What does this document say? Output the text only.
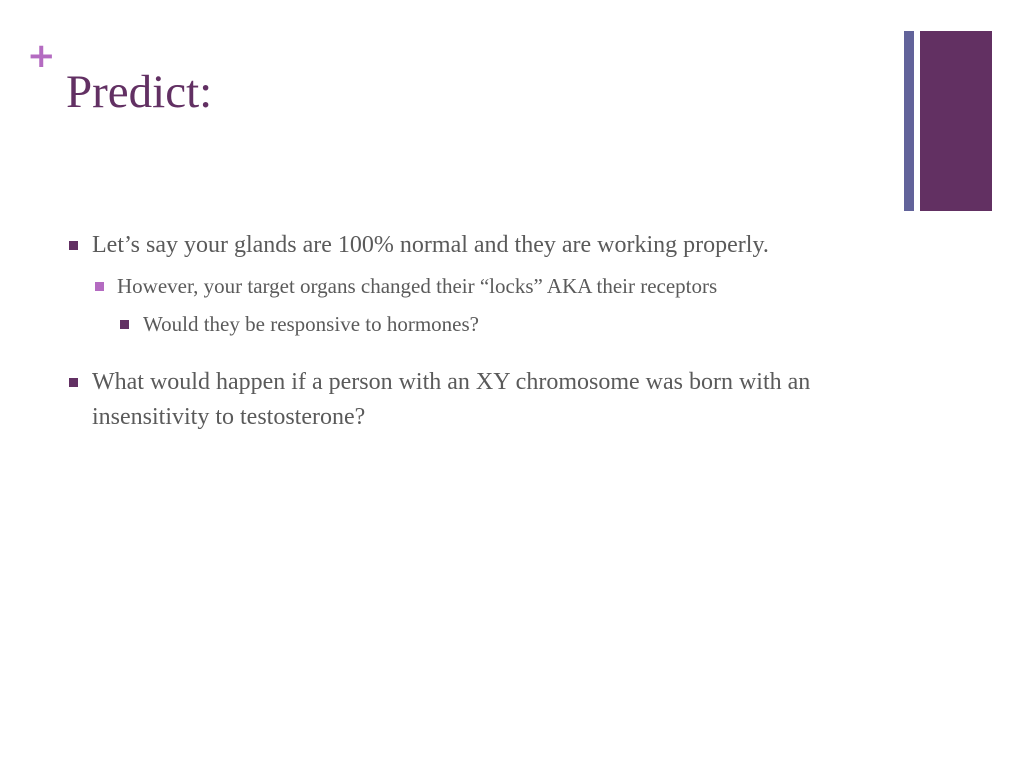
+
Predict:
Let’s say your glands are 100% normal and they are working properly.
However, your target organs changed their “locks” AKA their receptors
Would they be responsive to hormones?
What would happen if a person with an XY chromosome was born with an insensitivity to testosterone?
